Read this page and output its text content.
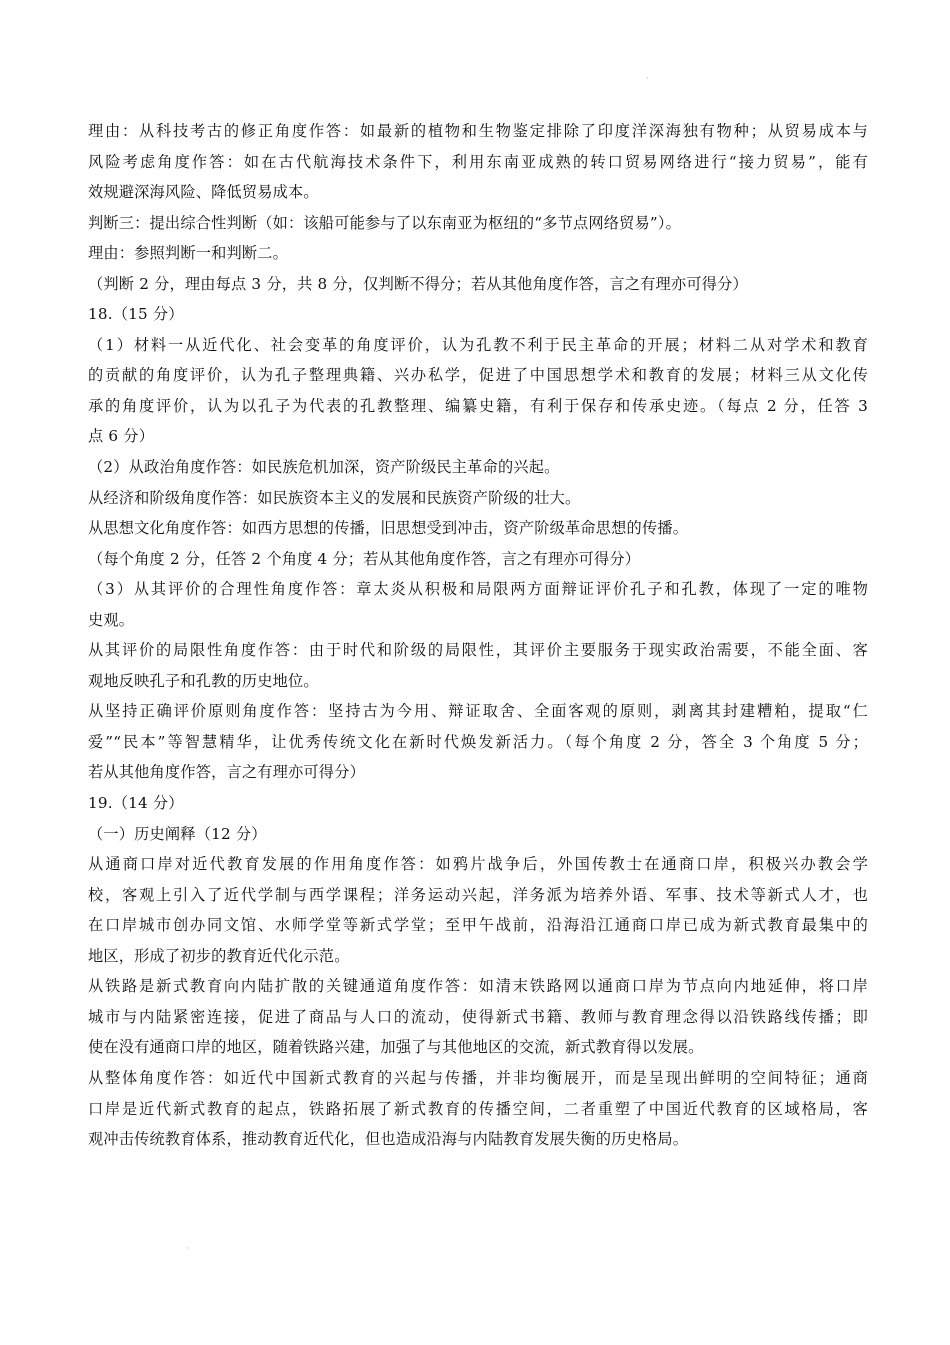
·
·
理由：从科技考古的修正角度作答：如最新的植物和生物鉴定排除了印度洋深海独有物种；从贸易成本与
风险考虑角度作答：如在古代航海技术条件下，利用东南亚成熟的转口贸易网络进行“接力贸易”，能有
效规避深海风险、降低贸易成本。
判断三：提出综合性判断（如：该船可能参与了以东南亚为枢纽的“多节点网络贸易”）。
理由：参照判断一和判断二。
（判断 2 分，理由每点 3 分，共 8 分，仅判断不得分；若从其他角度作答，言之有理亦可得分）
18.（15 分）
（1）材料一从近代化、社会变革的角度评价，认为孔教不利于民主革命的开展；材料二从对学术和教育
的贡献的角度评价，认为孔子整理典籍、兴办私学，促进了中国思想学术和教育的发展；材料三从文化传
承的角度评价，认为以孔子为代表的孔教整理、编纂史籍，有利于保存和传承史迹。（每点 2 分，任答 3
点 6 分）
（2）从政治角度作答：如民族危机加深，资产阶级民主革命的兴起。
从经济和阶级角度作答：如民族资本主义的发展和民族资产阶级的壮大。
从思想文化角度作答：如西方思想的传播，旧思想受到冲击，资产阶级革命思想的传播。
（每个角度 2 分，任答 2 个角度 4 分；若从其他角度作答，言之有理亦可得分）
（3）从其评价的合理性角度作答：章太炎从积极和局限两方面辩证评价孔子和孔教，体现了一定的唯物
史观。
从其评价的局限性角度作答：由于时代和阶级的局限性，其评价主要服务于现实政治需要，不能全面、客
观地反映孔子和孔教的历史地位。
从坚持正确评价原则角度作答：坚持古为今用、辩证取舍、全面客观的原则，剥离其封建糟粕，提取“仁
爱”“民本”等智慧精华，让优秀传统文化在新时代焕发新活力。（每个角度 2 分，答全 3 个角度 5 分；
若从其他角度作答，言之有理亦可得分）
19.（14 分）
（一）历史阐释（12 分）
从通商口岸对近代教育发展的作用角度作答：如鸦片战争后，外国传教士在通商口岸，积极兴办教会学
校，客观上引入了近代学制与西学课程；洋务运动兴起，洋务派为培养外语、军事、技术等新式人才，也
在口岸城市创办同文馆、水师学堂等新式学堂；至甲午战前，沿海沿江通商口岸已成为新式教育最集中的
地区，形成了初步的教育近代化示范。
从铁路是新式教育向内陆扩散的关键通道角度作答：如清末铁路网以通商口岸为节点向内地延伸，将口岸
城市与内陆紧密连接，促进了商品与人口的流动，使得新式书籍、教师与教育理念得以沿铁路线传播；即
使在没有通商口岸的地区，随着铁路兴建，加强了与其他地区的交流，新式教育得以发展。
从整体角度作答：如近代中国新式教育的兴起与传播，并非均衡展开，而是呈现出鲜明的空间特征；通商
口岸是近代新式教育的起点，铁路拓展了新式教育的传播空间，二者重塑了中国近代教育的区域格局，客
观冲击传统教育体系，推动教育近代化，但也造成沿海与内陆教育发展失衡的历史格局。
